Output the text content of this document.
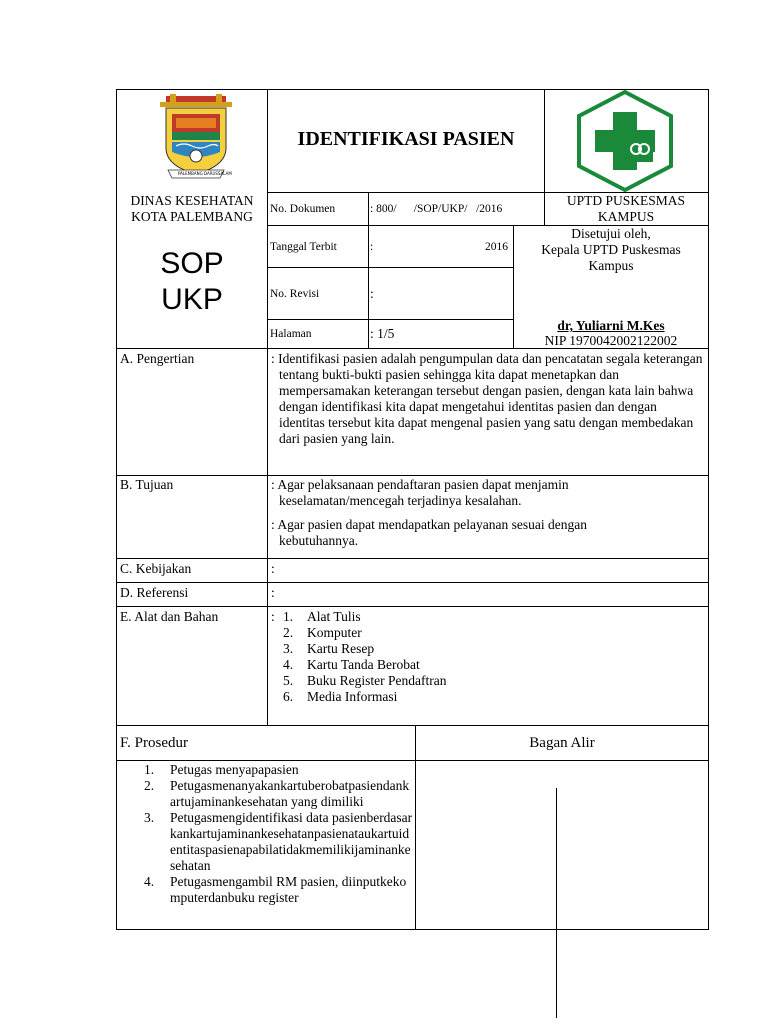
PALEMBANG DARUSSALAM
IDENTIFIKASI PASIEN
DINAS KESEHATAN KOTA PALEMBANG
UPTD PUSKESMAS KAMPUS
SOP
UKP
No. Dokumen	: 800/      /SOP/UKP/   /2016
Tanggal Terbit	:	2016
No. Revisi	:
Halaman	: 1/5
Disetujui oleh,
Kepala UPTD Puskesmas
Kampus
dr, Yuliarni M.Kes
NIP 1970042002122002
A. Pengertian	: Identifikasi pasien adalah pengumpulan data dan pencatatan segala keterangan tentang bukti-bukti pasien sehingga kita dapat menetapkan dan mempersamakan keterangan tersebut dengan pasien, dengan kata lain bahwa dengan identifikasi kita dapat mengetahui identitas pasien dan dengan identitas tersebut kita dapat mengenal pasien yang satu dengan membedakan dari pasien yang lain.
B. Tujuan	: Agar pelaksanaan pendaftaran pasien dapat menjamin keselamatan/mencegah terjadinya kesalahan.
: Agar pasien dapat mendapatkan pelayanan sesuai dengan kebutuhannya.
C. Kebijakan	:
D. Referensi	:
E. Alat dan Bahan	: 1. Alat Tulis
2. Komputer
3. Kartu Resep
4. Kartu Tanda Berobat
5. Buku Register Pendaftran
6. Media Informasi
F. Prosedur	Bagan Alir
1.	Petugas menyapapasien
2.	Petugasmenanyakankartuberobatpasiendankartujaminankesehatan yang dimiliki
3.	Petugasmengidentifikasi data pasienberdasarkankartujaminankesehatanpasienataukartuidentitaspasienapabilatidakmemilikijaminankesehatan
4.	Petugasmengambil RM pasien, diinputkekomputerdanbuku register
